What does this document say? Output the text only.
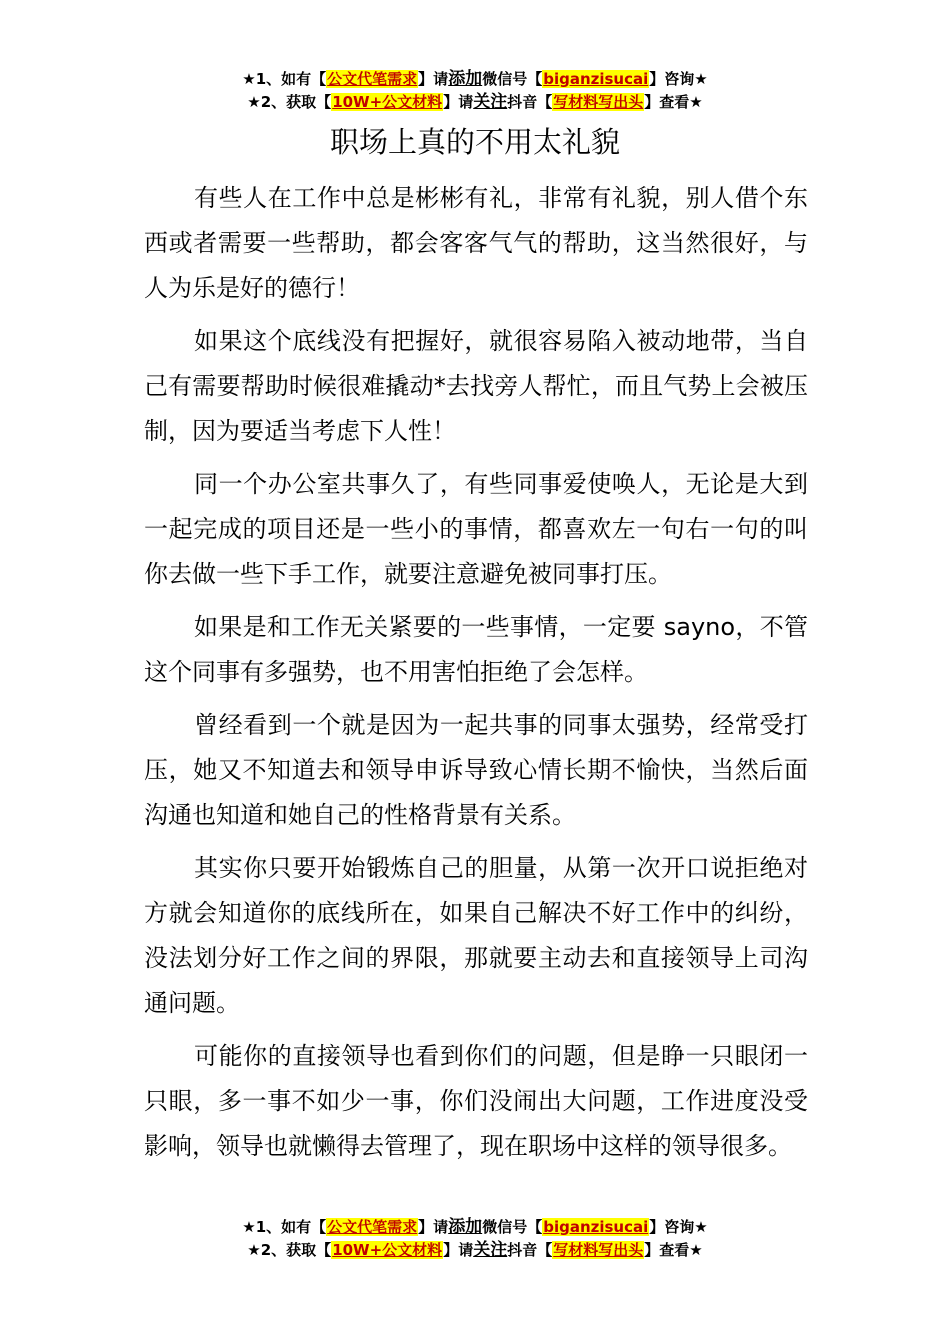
★1、如有【公文代笔需求】请添加微信号【biganzisucai】咨询★
★2、获取【10W+公文材料】请关注抖音【写材料写出头】查看★
职场上真的不用太礼貌

有些人在工作中总是彬彬有礼，非常有礼貌，别人借个东西或者需要一些帮助，都会客客气气的帮助，这当然很好，与人为乐是好的德行！

如果这个底线没有把握好，就很容易陷入被动地带，当自己有需要帮助时候很难撬动*去找旁人帮忙，而且气势上会被压制，因为要适当考虑下人性！

同一个办公室共事久了，有些同事爱使唤人，无论是大到一起完成的项目还是一些小的事情，都喜欢左一句右一句的叫你去做一些下手工作，就要注意避免被同事打压。

如果是和工作无关紧要的一些事情，一定要 sayno，不管这个同事有多强势，也不用害怕拒绝了会怎样。

曾经看到一个就是因为一起共事的同事太强势，经常受打压，她又不知道去和领导申诉导致心情长期不愉快，当然后面沟通也知道和她自己的性格背景有关系。

其实你只要开始锻炼自己的胆量，从第一次开口说拒绝对方就会知道你的底线所在，如果自己解决不好工作中的纠纷，没法划分好工作之间的界限，那就要主动去和直接领导上司沟通问题。

可能你的直接领导也看到你们的问题，但是睁一只眼闭一只眼，多一事不如少一事，你们没闹出大问题，工作进度没受影响，领导也就懒得去管理了，现在职场中这样的领导很多。

★1、如有【公文代笔需求】请添加微信号【biganzisucai】咨询★
★2、获取【10W+公文材料】请关注抖音【写材料写出头】查看★
